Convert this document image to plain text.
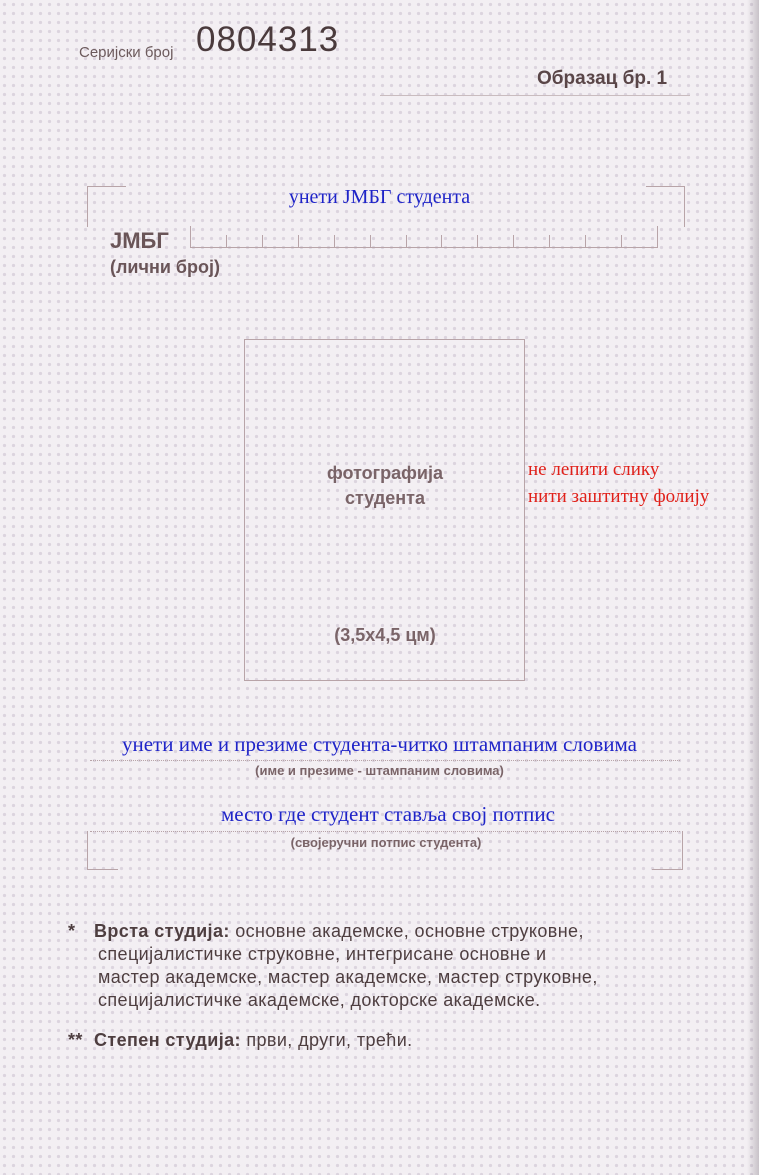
Серијски број 0804313
Образац бр. 1
унети ЈМБГ студента
ЈМБГ
(лични број)
фотографија
студента
(3,5x4,5 цм)
не лепити слику
нити заштитну фолију
унети име и презиме студента-читко штампаним словима
(име и презиме - штампаним словима)
место где студент ставља свој потпис
(својеручни потпис студента)
* Врста студија: основне академске, основне струковне,
специјалистичке струковне, интегрисане основне и
мастер академске, мастер академске, мастер струковне,
специјалистичке академске, докторске академске.
** Степен студија: први, други, трећи.
